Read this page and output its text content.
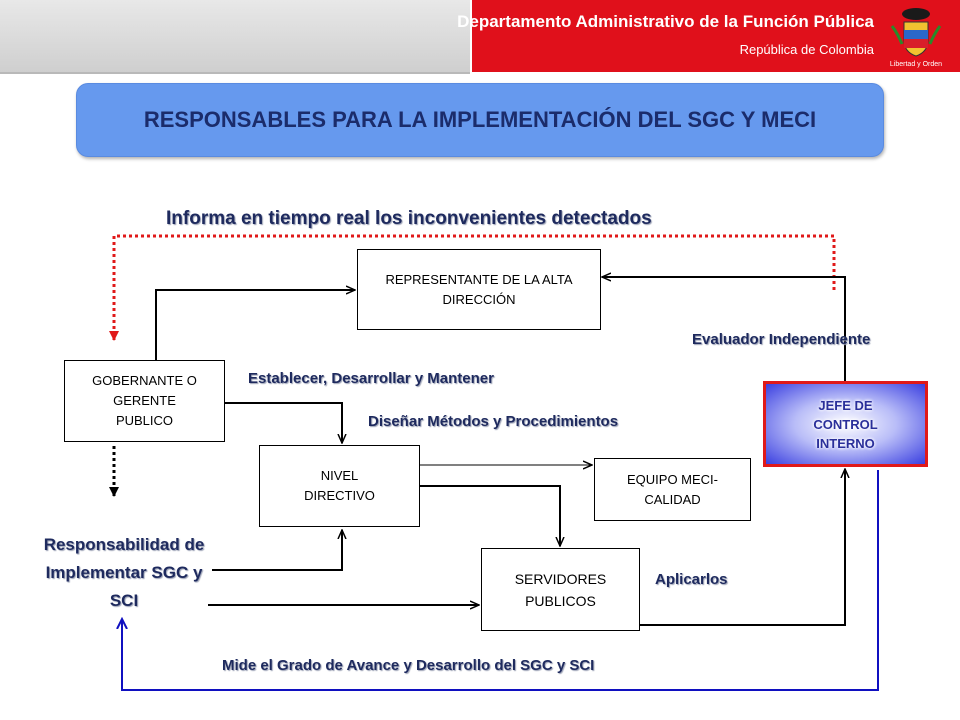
Departamento Administrativo de la Función Pública
República de Colombia
Libertad y Orden
RESPONSABLES PARA LA IMPLEMENTACIÓN DEL SGC Y MECI
Informa en tiempo real los inconvenientes detectados
REPRESENTANTE DE LA ALTA DIRECCIÓN
GOBERNANTE O GERENTE PUBLICO
NIVEL DIRECTIVO
EQUIPO MECI-CALIDAD
SERVIDORES PUBLICOS
JEFE DE CONTROL INTERNO
Establecer, Desarrollar y Mantener
Diseñar Métodos y Procedimientos
Evaluador Independiente
Aplicarlos
Responsabilidad de Implementar SGC y SCI
Mide el Grado de Avance y Desarrollo del SGC y SCI
